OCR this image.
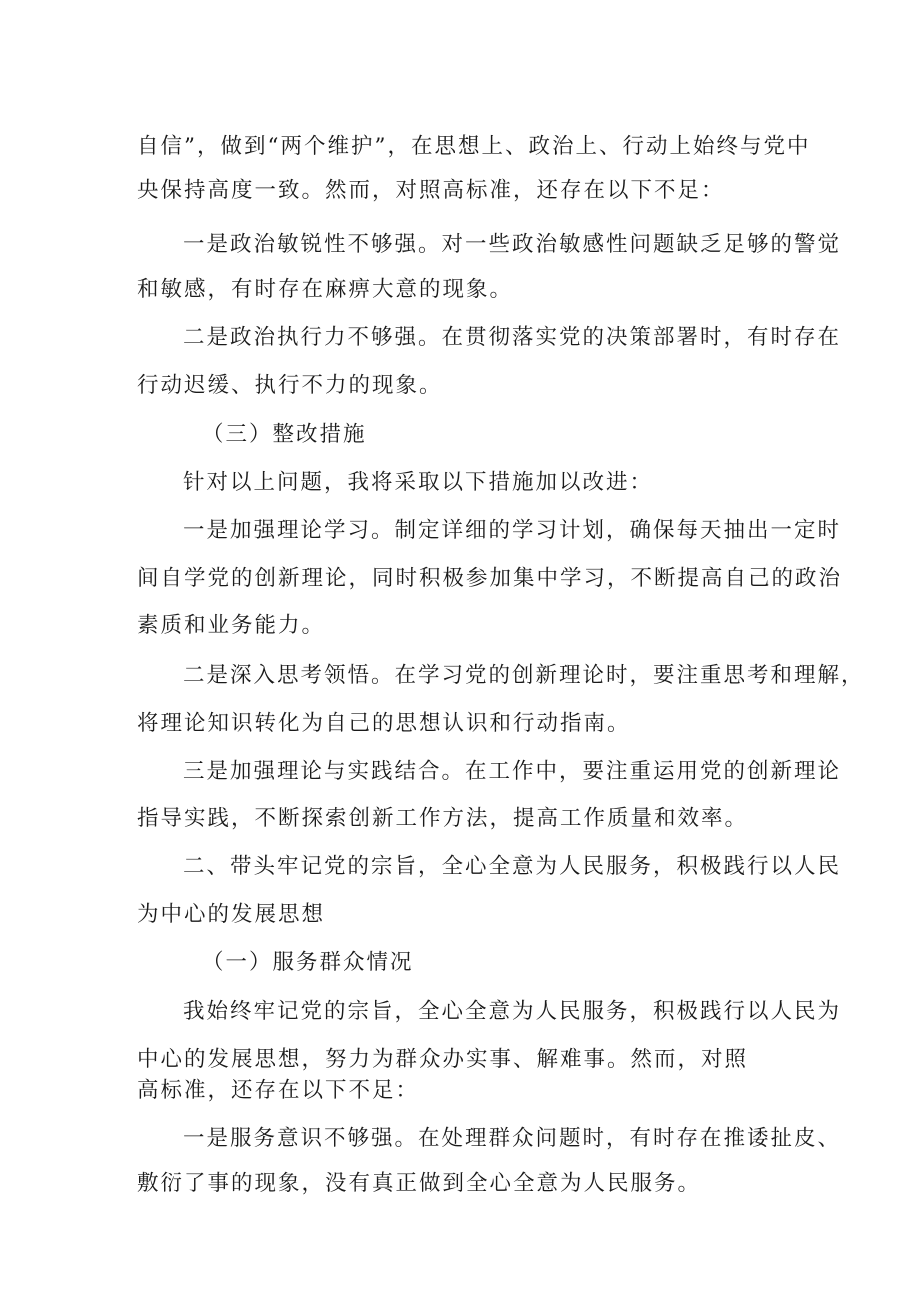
自信”，做到“两个维护”，在思想上、政治上、行动上始终与党中
央保持高度一致。然而，对照高标准，还存在以下不足：
一是政治敏锐性不够强。对一些政治敏感性问题缺乏足够的警觉
和敏感，有时存在麻痹大意的现象。
二是政治执行力不够强。在贯彻落实党的决策部署时，有时存在
行动迟缓、执行不力的现象。
（三）整改措施
针对以上问题，我将采取以下措施加以改进：
一是加强理论学习。制定详细的学习计划，确保每天抽出一定时
间自学党的创新理论，同时积极参加集中学习，不断提高自己的政治
素质和业务能力。
二是深入思考领悟。在学习党的创新理论时，要注重思考和理解，
将理论知识转化为自己的思想认识和行动指南。
三是加强理论与实践结合。在工作中，要注重运用党的创新理论
指导实践，不断探索创新工作方法，提高工作质量和效率。
二、带头牢记党的宗旨，全心全意为人民服务，积极践行以人民
为中心的发展思想
（一）服务群众情况
我始终牢记党的宗旨，全心全意为人民服务，积极践行以人民为
中心的发展思想，努力为群众办实事、解难事。然而，对照
高标准，还存在以下不足：
一是服务意识不够强。在处理群众问题时，有时存在推诿扯皮、
敷衍了事的现象，没有真正做到全心全意为人民服务。
